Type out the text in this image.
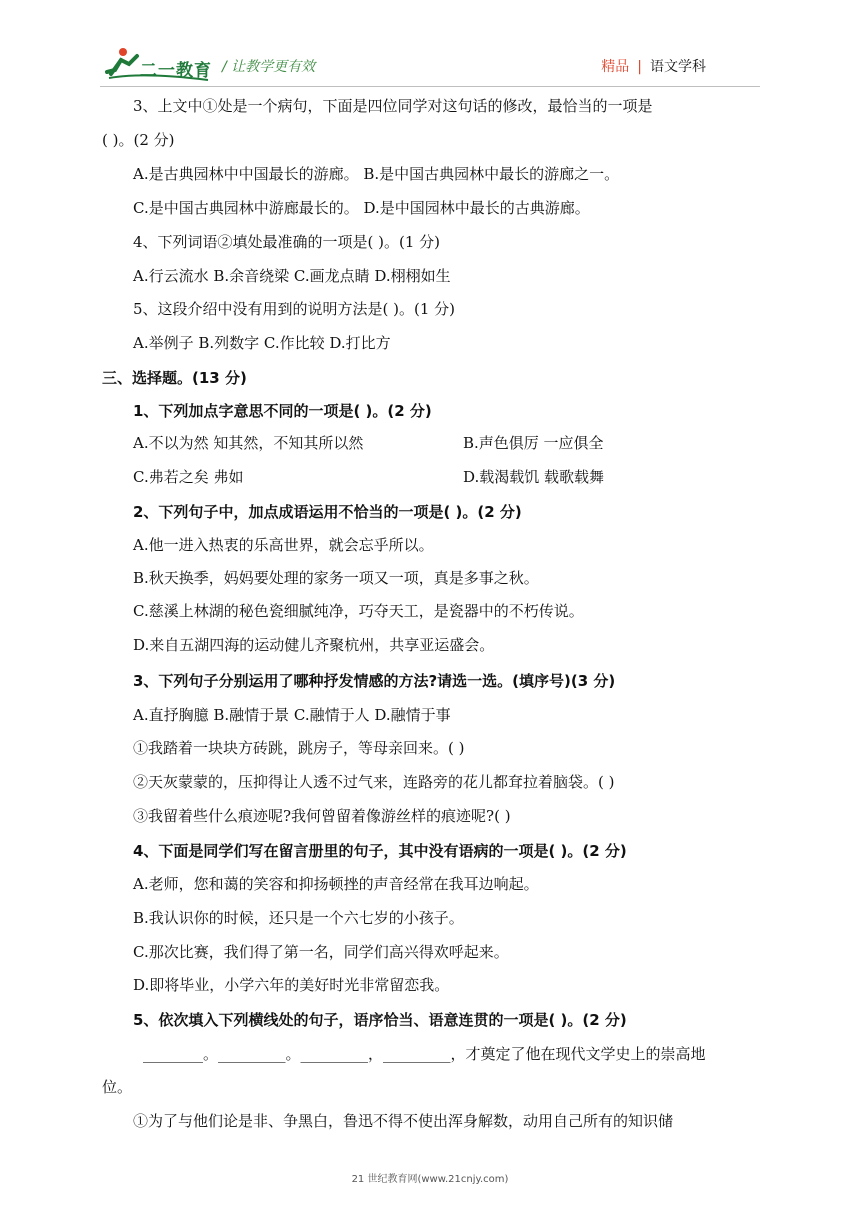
二一教育 / 让教学更有效	精品 | 语文学科
3、上文中①处是一个病句，下面是四位同学对这句话的修改，最恰当的一项是
( )。(2 分)
A.是古典园林中中国最长的游廊。 B.是中国古典园林中最长的游廊之一。
C.是中国古典园林中游廊最长的。 D.是中国园林中最长的古典游廊。
4、下列词语②填处最准确的一项是( )。(1 分)
A.行云流水 B.余音绕梁 C.画龙点睛 D.栩栩如生
5、这段介绍中没有用到的说明方法是( )。(1 分)
A.举例子 B.列数字 C.作比较 D.打比方
三、选择题。(13 分)
1、下列加点字意思不同的一项是( )。(2 分)
A.不以为然 知其然，不知其所以然	B.声色俱厉 一应俱全
C.弗若之矣 弗如	D.载渴载饥 载歌载舞
2、下列句子中，加点成语运用不恰当的一项是( )。(2 分)
A.他一进入热衷的乐高世界，就会忘乎所以。
B.秋天换季，妈妈要处理的家务一项又一项，真是多事之秋。
C.慈溪上林湖的秘色瓷细腻纯净，巧夺天工，是瓷器中的不朽传说。
D.来自五湖四海的运动健儿齐聚杭州，共享亚运盛会。
3、下列句子分别运用了哪种抒发情感的方法?请选一选。(填序号)(3 分)
A.直抒胸臆 B.融情于景 C.融情于人 D.融情于事
①我踏着一块块方砖跳，跳房子，等母亲回来。( )
②天灰蒙蒙的，压抑得让人透不过气来，连路旁的花儿都耷拉着脑袋。( )
③我留着些什么痕迹呢?我何曾留着像游丝样的痕迹呢?( )
4、下面是同学们写在留言册里的句子，其中没有语病的一项是( )。(2 分)
A.老师，您和蔼的笑容和抑扬顿挫的声音经常在我耳边响起。
B.我认识你的时候，还只是一个六七岁的小孩子。
C.那次比赛，我们得了第一名，同学们高兴得欢呼起来。
D.即将毕业，小学六年的美好时光非常留恋我。
5、依次填入下列横线处的句子，语序恰当、语意连贯的一项是( )。(2 分)
________。_________。_________，_________，才奠定了他在现代文学史上的崇高地
位。
①为了与他们论是非、争黑白，鲁迅不得不使出浑身解数，动用自己所有的知识储
21 世纪教育网(www.21cnjy.com)
